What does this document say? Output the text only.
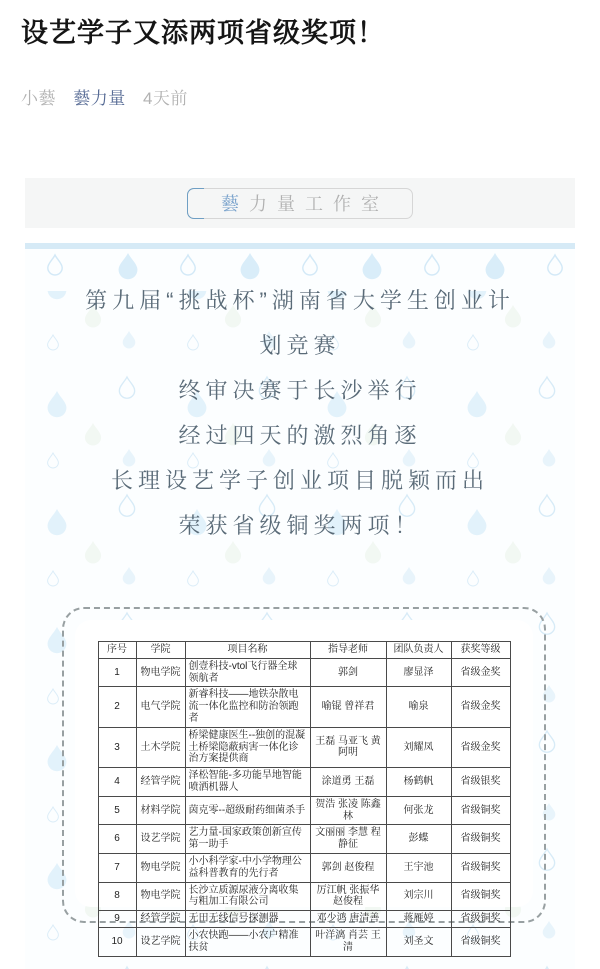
设艺学子又添两项省级奖项！
小藝 藝力量 4天前
藝 力量工作室
第九届“挑战杯”湖南省大学生创业计
划竞赛
终审决赛于长沙举行
经过四天的激烈角逐
长理设艺学子创业项目脱颖而出
荣获省级铜奖两项！
序号	学院	项目名称	指导老师	团队负责人	获奖等级
1	物电学院	创壹科技-vtol飞行器全球领航者	郭剑	廖显泽	省级金奖
2	电气学院	新睿科技——地铁杂散电流一体化监控和防治领跑者	喻锟 曾祥君	喻泉	省级金奖
3	土木学院	桥梁健康医生--独创的混凝土桥梁隐蔽病害一体化诊治方案提供商	王磊 马亚飞 黄阿明	刘耀凤	省级金奖
4	经管学院	泽松智能-多功能旱地智能喷洒机器人	涂道勇 王磊	杨鹤帆	省级银奖
5	材料学院	茵克零--超级耐药细菌杀手	贺浩 张凌 陈鑫林	何张龙	省级铜奖
6	设艺学院	艺力量-国家政策创新宣传第一助手	文丽丽 李慧 程静征	彭蝶	省级铜奖
7	物电学院	小小科学家-中小学物理公益科普教育的先行者	郭剑 赵俊程	王宇池	省级铜奖
8	物电学院	长沙立质源尿液分离收集与粗加工有限公司	厉江帆 张振华 赵俊程	刘宗川	省级铜奖
9	经管学院	无田无线信号探测器	邓少鸿 唐清善	蒋雁婷	省级铜奖
10	设艺学院	小农快跑——小农户精准扶贫	叶洋漓 肖芸 王清	刘圣文	省级铜奖
